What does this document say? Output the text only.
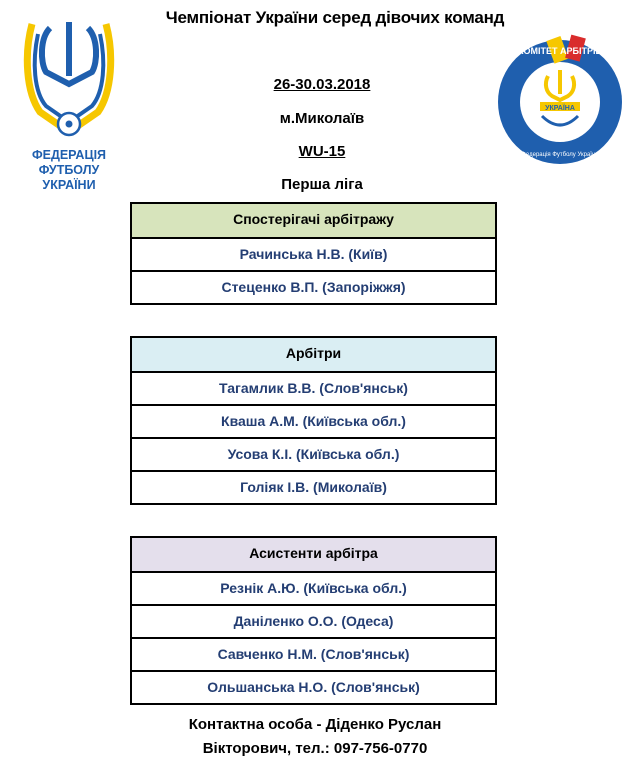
ФЕДЕРАЦІЯ
ФУТБОЛУ
УКРАЇНИ
УКРАЇНА
КОМІТЕТ АРБІТРІВ
Федерація Футболу України
Чемпіонат України серед дівочих команд
26-30.03.2018
м.Миколаїв
WU-15
Перша ліга
Спостерігачі арбітражу
Рачинська Н.В. (Київ)
Стеценко В.П. (Запоріжжя)
Арбітри
Тагамлик В.В. (Слов'янськ)
Кваша А.М. (Київська обл.)
Усова К.І. (Київська обл.)
Голіяк І.В. (Миколаїв)
Асистенти арбітра
Резнік А.Ю. (Київська обл.)
Даніленко О.О. (Одеса)
Савченко Н.М. (Слов'янськ)
Ольшанська Н.О. (Слов'янськ)
Контактна особа - Діденко Руслан
Вікторович, тел.: 097-756-0770
